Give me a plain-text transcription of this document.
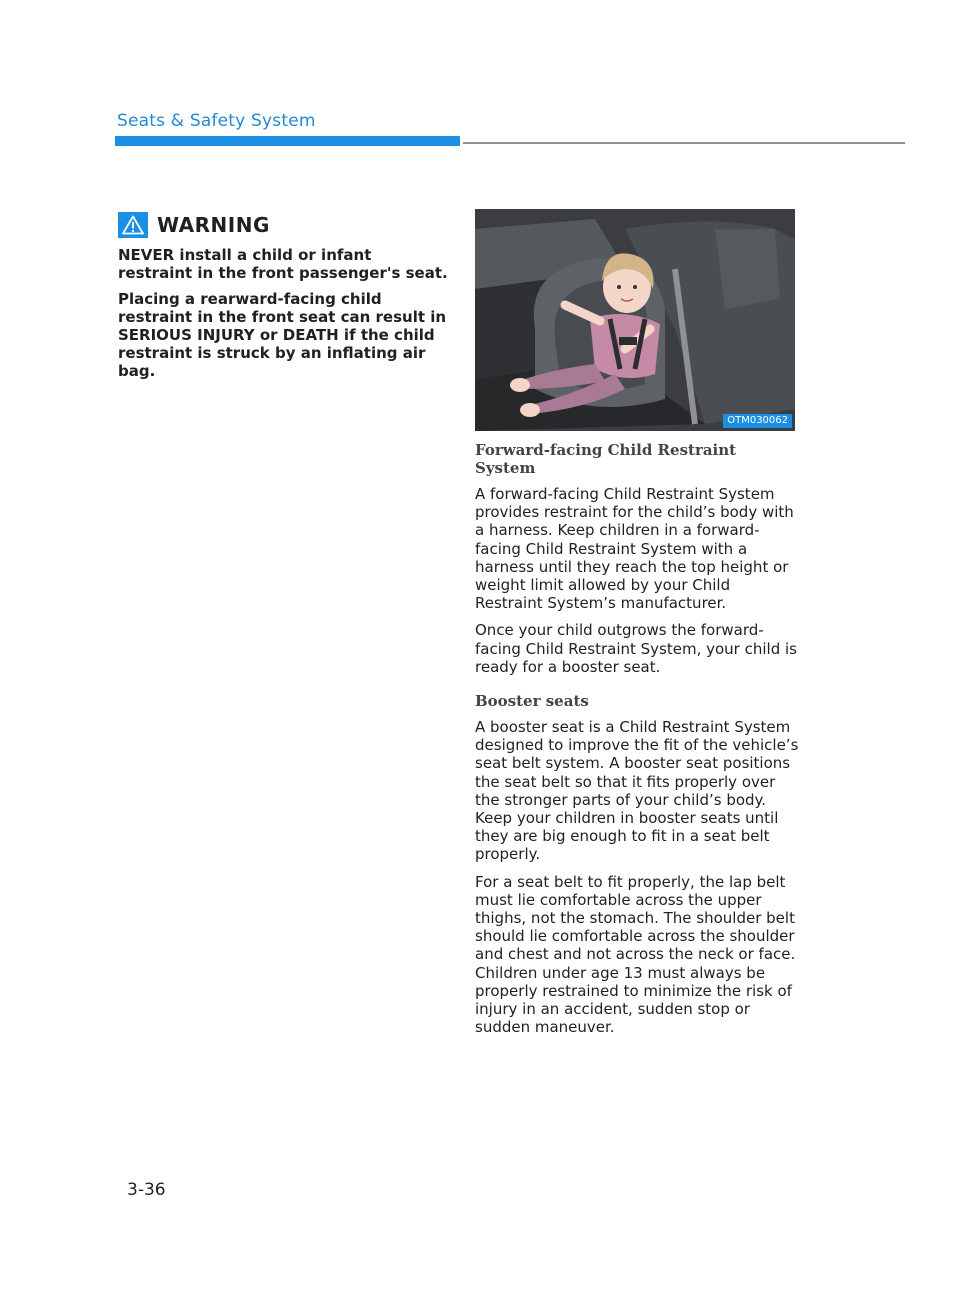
Seats & Safety System
WARNING

NEVER install a child or infant restraint in the front passenger's seat.

Placing a rearward-facing child restraint in the front seat can result in SERIOUS INJURY or DEATH if the child restraint is struck by an inflating air bag.

OTM030062
Forward-facing Child Restraint System

A forward-facing Child Restraint System provides restraint for the child’s body with a harness. Keep children in a forward-facing Child Restraint System with a harness until they reach the top height or weight limit allowed by your Child Restraint System’s manufacturer.

Once your child outgrows the forward-facing Child Restraint System, your child is ready for a booster seat.

Booster seats

A booster seat is a Child Restraint System designed to improve the fit of the vehicle’s seat belt system. A booster seat positions the seat belt so that it fits properly over the stronger parts of your child’s body. Keep your children in booster seats until they are big enough to fit in a seat belt properly.

For a seat belt to fit properly, the lap belt must lie comfortable across the upper thighs, not the stomach. The shoulder belt should lie comfortable across the shoulder and chest and not across the neck or face. Children under age 13 must always be properly restrained to minimize the risk of injury in an accident, sudden stop or sudden maneuver.

3-36
